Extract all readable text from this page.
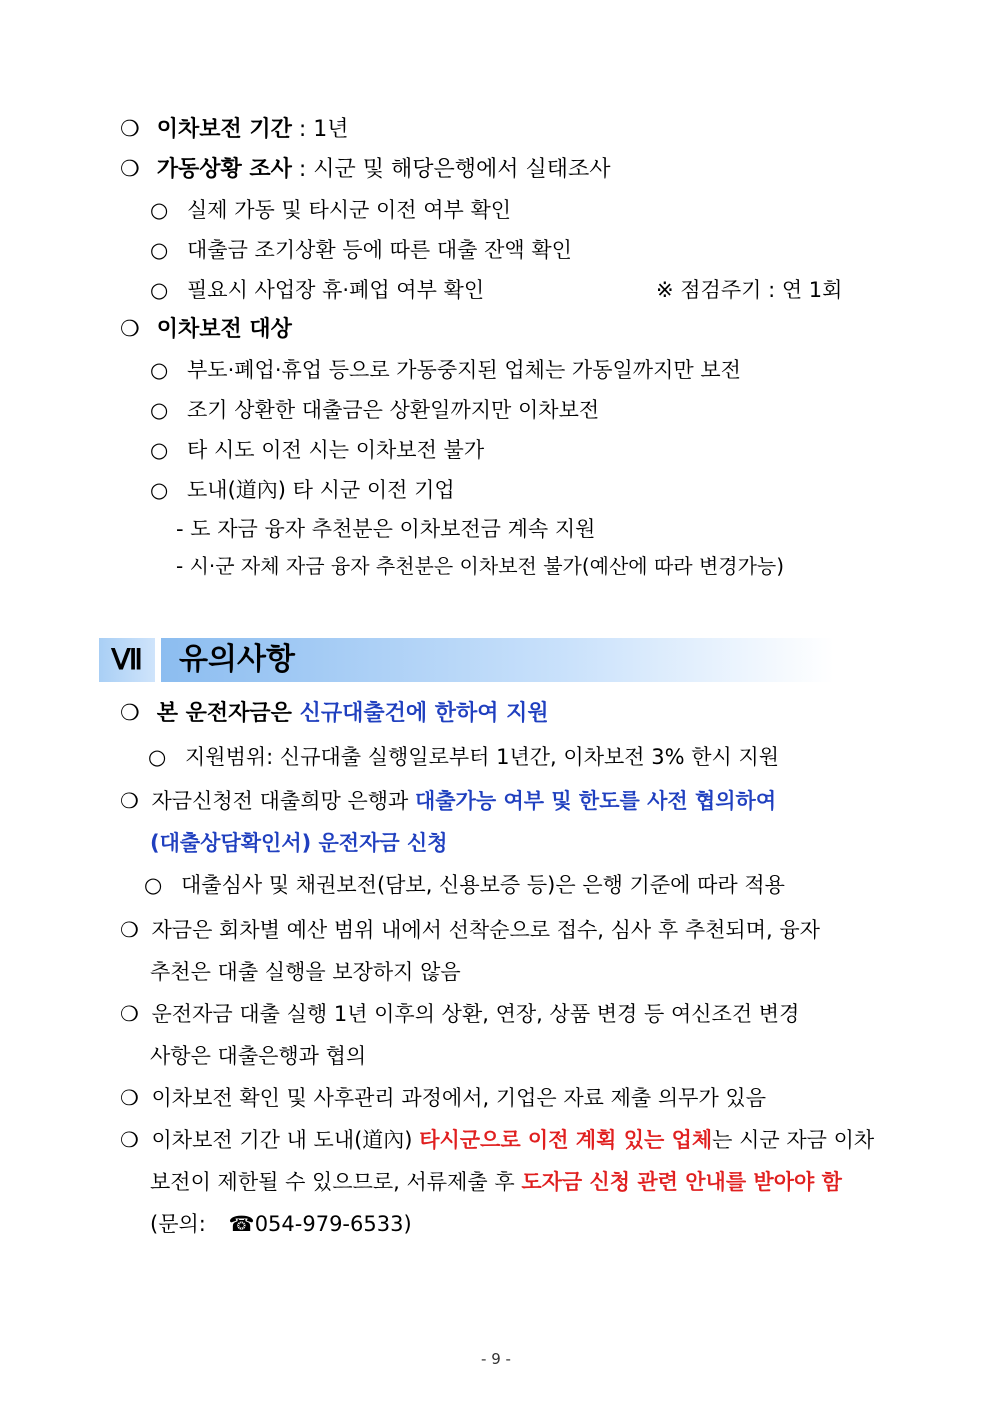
❍ 이차보전 기간 : 1년
❍ 가동상황 조사 : 시군 및 해당은행에서 실태조사
○ 실제 가동 및 타시군 이전 여부 확인
○ 대출금 조기상환 등에 따른 대출 잔액 확인
○ 필요시 사업장 휴·폐업 여부 확인	※ 점검주기 : 연 1회
❍ 이차보전 대상
○ 부도·폐업·휴업 등으로 가동중지된 업체는 가동일까지만 보전
○ 조기 상환한 대출금은 상환일까지만 이차보전
○ 타 시도 이전 시는 이차보전 불가
○ 도내(道內) 타 시군 이전 기업
- 도 자금 융자 추천분은 이차보전금 계속 지원
- 시·군 자체 자금 융자 추천분은 이차보전 불가(예산에 따라 변경가능)
Ⅶ	유의사항
❍ 본 운전자금은 신규대출건에 한하여 지원
○ 지원범위: 신규대출 실행일로부터 1년간, 이차보전 3% 한시 지원
❍ 자금신청전 대출희망 은행과 대출가능 여부 및 한도를 사전 협의하여
(대출상담확인서) 운전자금 신청
○ 대출심사 및 채권보전(담보, 신용보증 등)은 은행 기준에 따라 적용
❍ 자금은 회차별 예산 범위 내에서 선착순으로 접수, 심사 후 추천되며, 융자
추천은 대출 실행을 보장하지 않음
❍ 운전자금 대출 실행 1년 이후의 상환, 연장, 상품 변경 등 여신조건 변경
사항은 대출은행과 협의
❍ 이차보전 확인 및 사후관리 과정에서, 기업은 자료 제출 의무가 있음
❍ 이차보전 기간 내 도내(道內) 타시군으로 이전 계획 있는 업체는 시군 자금 이차
보전이 제한될 수 있으므로, 서류제출 후 도자금 신청 관련 안내를 받아야 함
(문의: ☎054-979-6533)
- 9 -
